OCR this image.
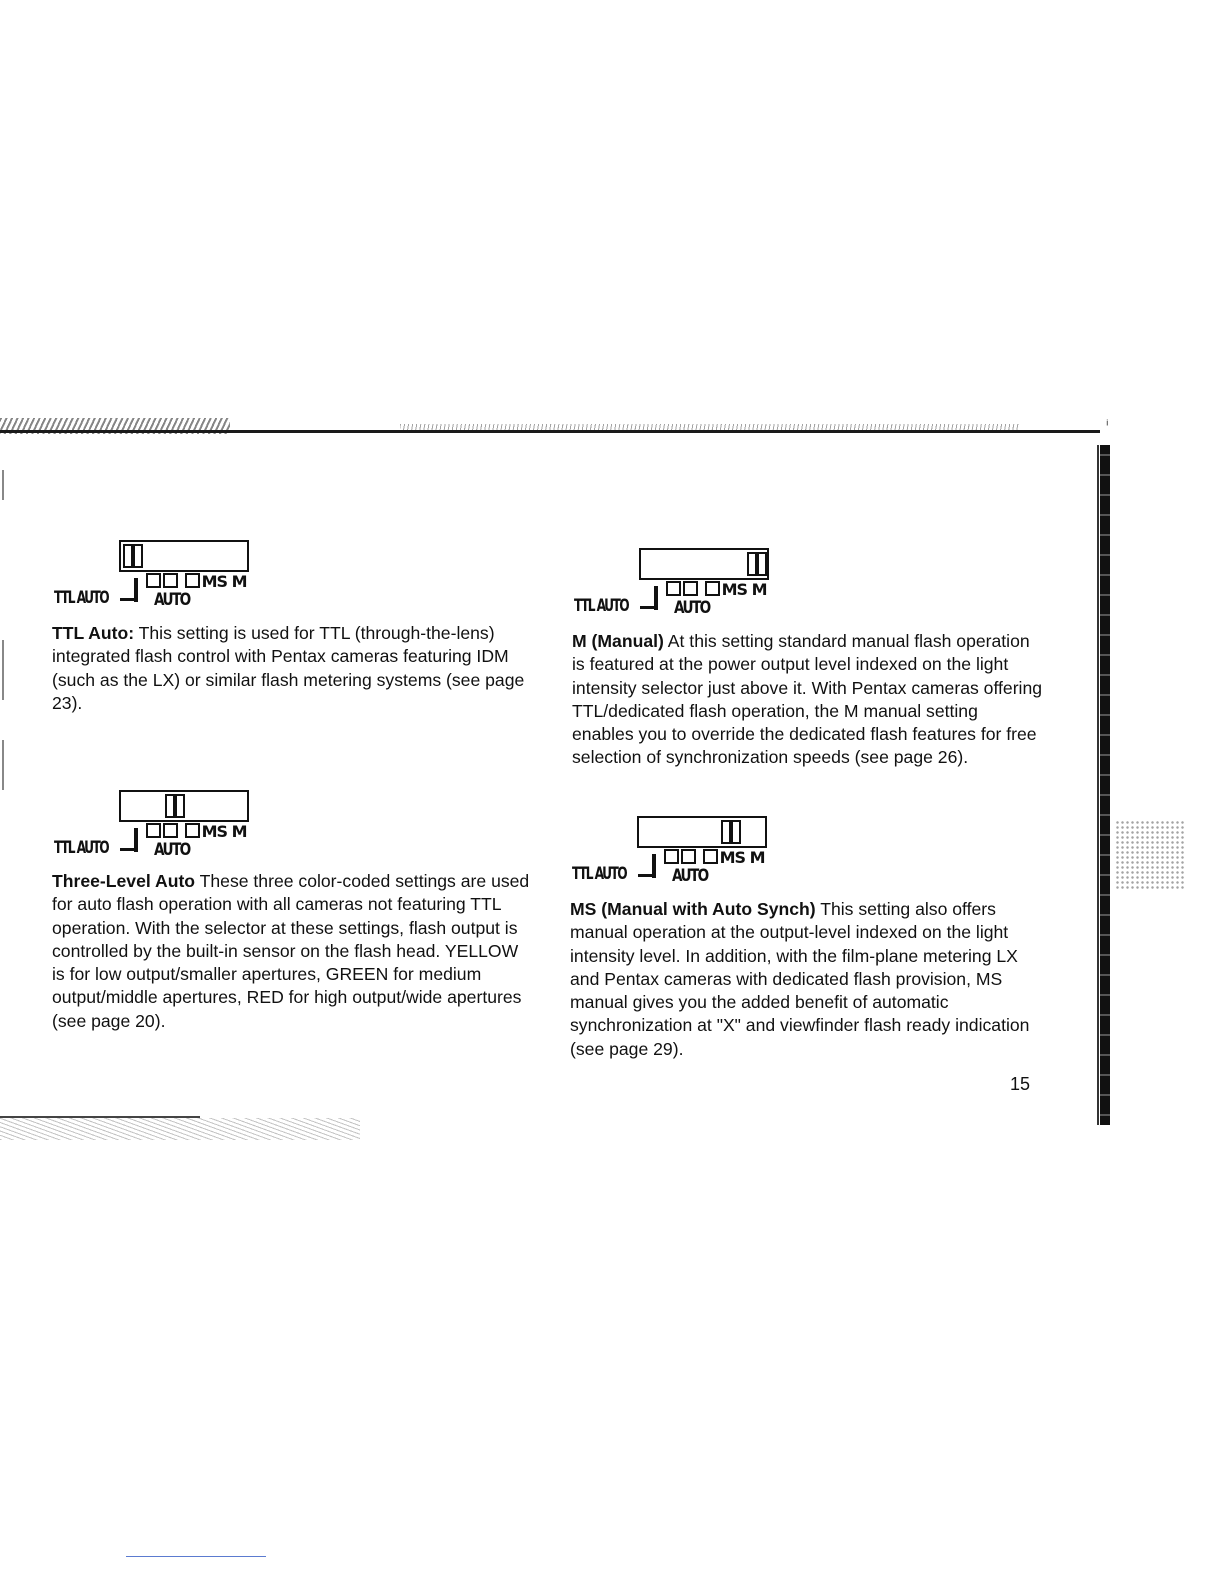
ⁱ
MS M
TTL AUTO	AUTO
MS M
TTL AUTO	AUTO
MS M
TTL AUTO	AUTO
MS M
TTL AUTO	AUTO

TTL Auto: This setting is used for TTL (through-the-lens) integrated flash control with Pentax cameras featuring IDM (such as the LX) or similar flash metering systems (see page 23).

Three-Level Auto These three color-coded settings are used for auto flash operation with all cameras not featuring TTL operation. With the selector at these settings, flash output is controlled by the built-in sensor on the flash head. YELLOW is for low output/smaller apertures, GREEN for medium output/middle apertures, RED for high output/wide apertures (see page 20).

M (Manual) At this setting standard manual flash operation is featured at the power output level indexed on the light intensity selector just above it. With Pentax cameras offering TTL/dedicated flash operation, the M manual setting enables you to override the dedicated flash features for free selection of synchronization speeds (see page 26).

MS (Manual with Auto Synch) This setting also offers manual operation at the output-level indexed on the light intensity level. In addition, with the film-plane metering LX and Pentax cameras with dedicated flash provision, MS manual gives you the added benefit of automatic synchronization at "X" and viewfinder flash ready indication (see page 29).

15
